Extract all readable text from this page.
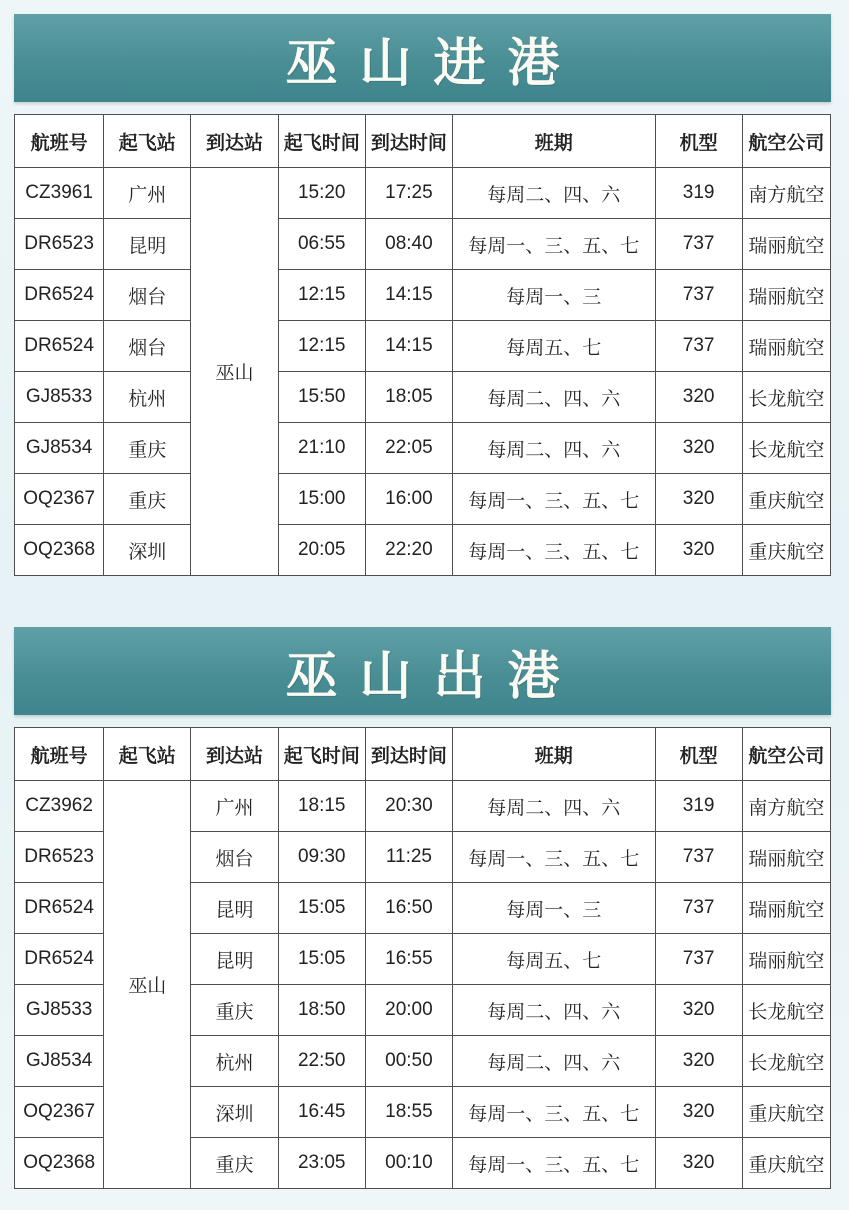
巫山进港
航班号	起飞站	到达站	起飞时间	到达时间	班期	机型	航空公司
CZ3961	广州	巫山	15:20	17:25	每周二、四、六	319	南方航空
DR6523	昆明		06:55	08:40	每周一、三、五、七	737	瑞丽航空
DR6524	烟台		12:15	14:15	每周一、三	737	瑞丽航空
DR6524	烟台		12:15	14:15	每周五、七	737	瑞丽航空
GJ8533	杭州		15:50	18:05	每周二、四、六	320	长龙航空
GJ8534	重庆		21:10	22:05	每周二、四、六	320	长龙航空
OQ2367	重庆		15:00	16:00	每周一、三、五、七	320	重庆航空
OQ2368	深圳		20:05	22:20	每周一、三、五、七	320	重庆航空
巫山出港
航班号	起飞站	到达站	起飞时间	到达时间	班期	机型	航空公司
CZ3962	巫山	广州	18:15	20:30	每周二、四、六	319	南方航空
DR6523		烟台	09:30	11:25	每周一、三、五、七	737	瑞丽航空
DR6524		昆明	15:05	16:50	每周一、三	737	瑞丽航空
DR6524		昆明	15:05	16:55	每周五、七	737	瑞丽航空
GJ8533		重庆	18:50	20:00	每周二、四、六	320	长龙航空
GJ8534		杭州	22:50	00:50	每周二、四、六	320	长龙航空
OQ2367		深圳	16:45	18:55	每周一、三、五、七	320	重庆航空
OQ2368		重庆	23:05	00:10	每周一、三、五、七	320	重庆航空
